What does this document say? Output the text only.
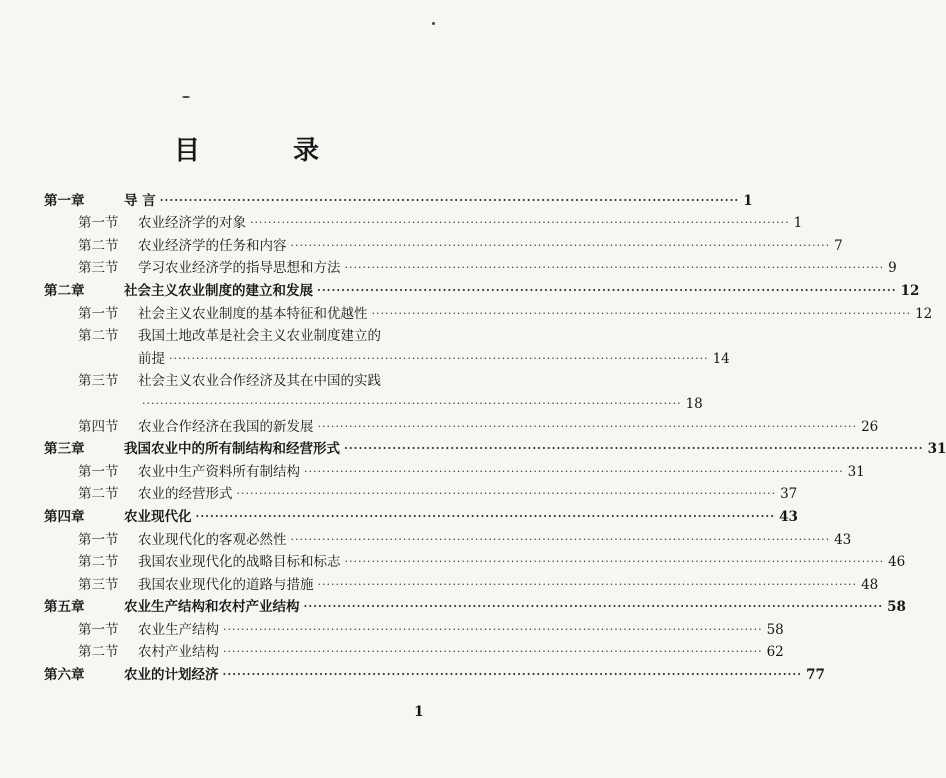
目 录
第一章	导 言 ························································································································ 1
第一节 农业经济学的对象 ························································································································ 1
第二节 农业经济学的任务和内容 ························································································································ 7
第三节 学习农业经济学的指导思想和方法 ························································································································ 9
第二章	社会主义农业制度的建立和发展 ························································································································ 12
第一节 社会主义农业制度的基本特征和优越性 ························································································································ 12
第二节 我国土地改革是社会主义农业制度建立的
前提 ························································································································ 14
第三节 社会主义农业合作经济及其在中国的实践
························································································································ 18
第四节 农业合作经济在我国的新发展 ························································································································ 26
第三章	我国农业中的所有制结构和经营形式 ························································································································ 31
第一节 农业中生产资料所有制结构 ························································································································ 31
第二节 农业的经营形式 ························································································································ 37
第四章	农业现代化 ························································································································ 43
第一节 农业现代化的客观必然性 ························································································································ 43
第二节 我国农业现代化的战略目标和标志 ························································································································ 46
第三节 我国农业现代化的道路与措施 ························································································································ 48
第五章	农业生产结构和农村产业结构 ························································································································ 58
第一节 农业生产结构 ························································································································ 58
第二节 农村产业结构 ························································································································ 62
第六章	农业的计划经济 ························································································································ 77
1
